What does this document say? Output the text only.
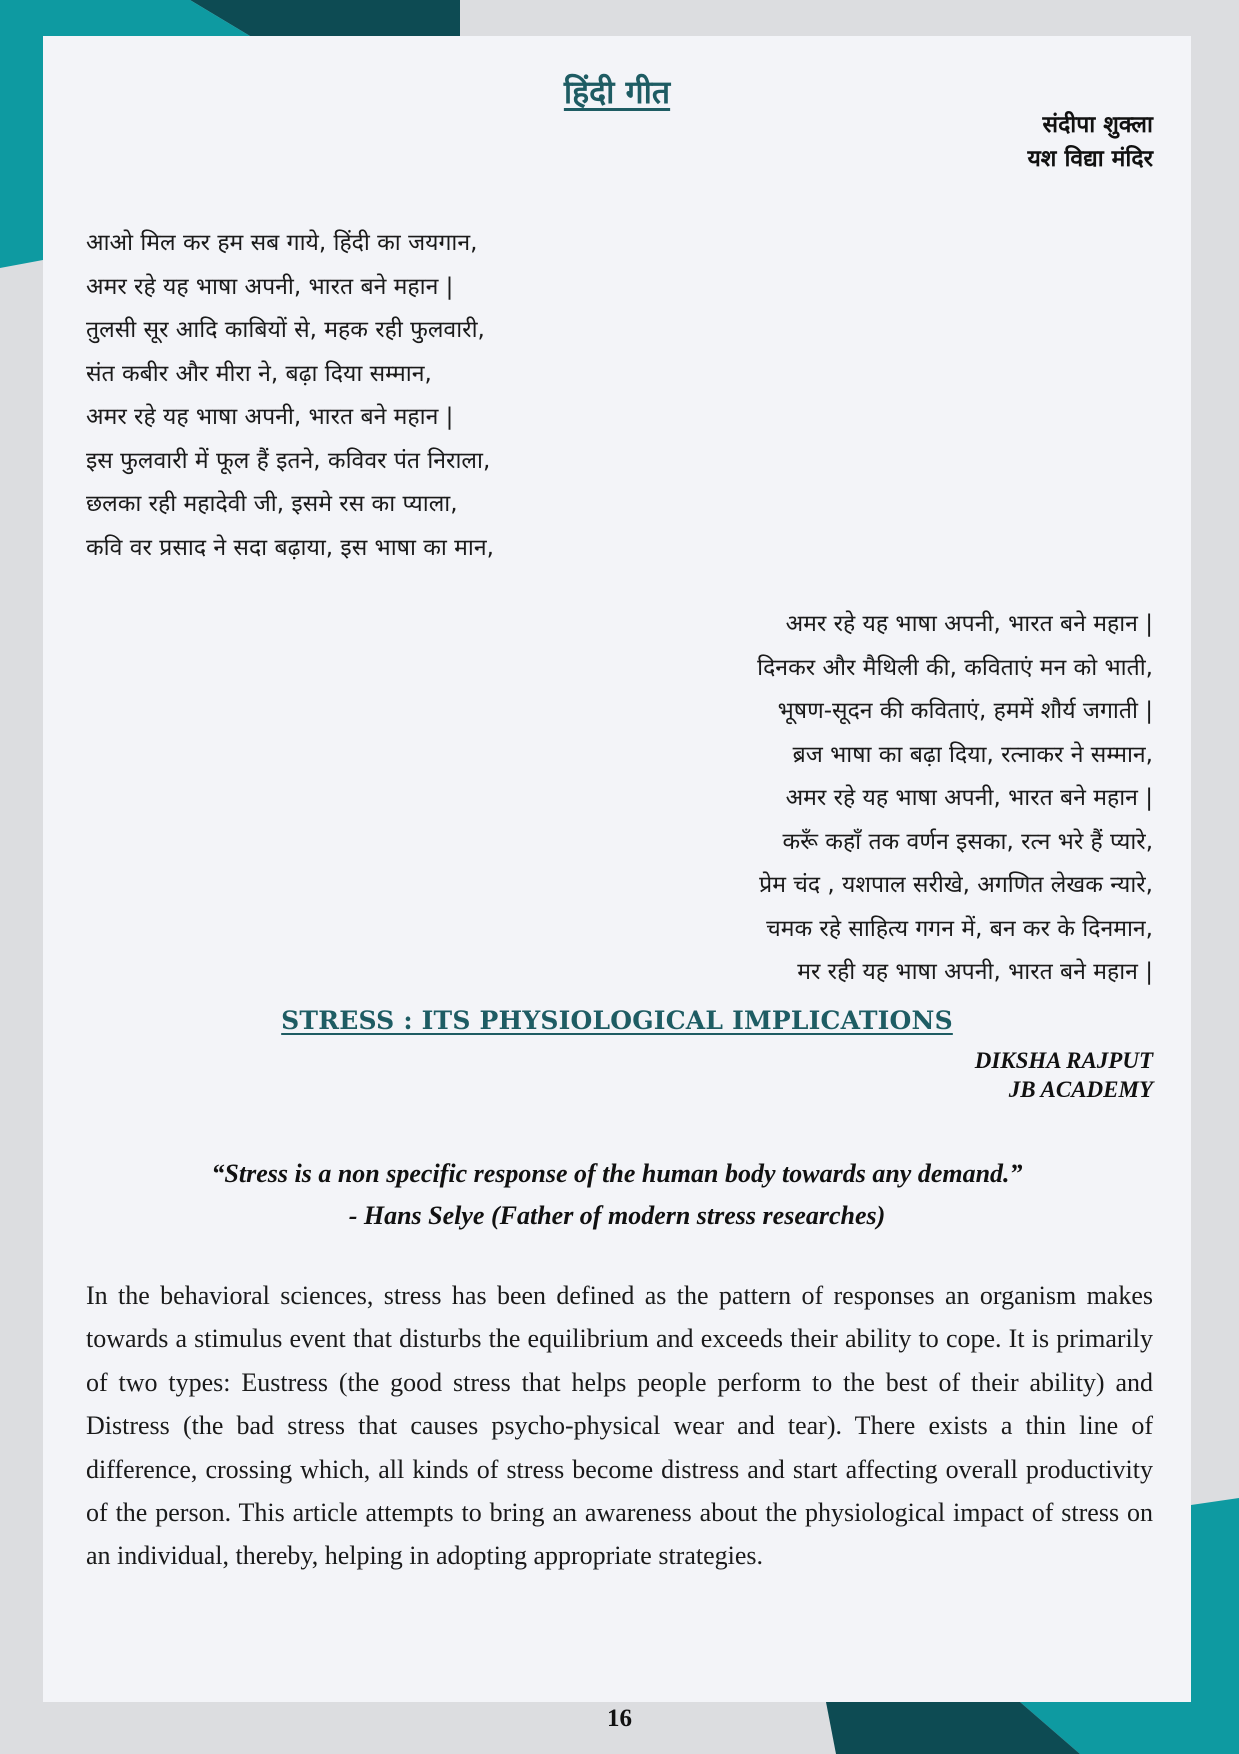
हिंदी गीत
संदीपा शुक्ला
यश विद्या मंदिर
आओ मिल कर हम सब गाये, हिंदी का जयगान,
अमर रहे यह भाषा अपनी, भारत बने महान |
तुलसी सूर आदि काबियों से, महक रही फुलवारी,
संत कबीर और मीरा ने, बढ़ा दिया सम्मान,
अमर रहे यह भाषा अपनी, भारत बने महान |
इस फुलवारी में फूल हैं इतने, कविवर पंत निराला,
छलका रही महादेवी जी, इसमे रस का प्याला,
कवि वर प्रसाद ने सदा बढ़ाया, इस भाषा का मान,
अमर रहे यह भाषा अपनी, भारत बने महान |
दिनकर और मैथिली की, कविताएं मन को भाती,
भूषण-सूदन की कविताएं, हममें शौर्य जगाती |
ब्रज भाषा का बढ़ा दिया, रत्नाकर ने सम्मान,
अमर रहे यह भाषा अपनी, भारत बने महान |
करूँ कहाँ तक वर्णन इसका, रत्न भरे हैं प्यारे,
प्रेम चंद , यशपाल सरीखे, अगणित लेखक न्यारे,
चमक रहे साहित्य गगन में, बन कर के दिनमान,
मर रही यह भाषा अपनी, भारत बने महान |
STRESS : ITS PHYSIOLOGICAL IMPLICATIONS
DIKSHA RAJPUT
JB ACADEMY
“Stress is a non specific response of the human body towards any demand.”
- Hans Selye (Father of modern stress researches)

In the behavioral sciences, stress has been defined as the pattern of responses an organism makes towards a stimulus event that disturbs the equilibrium and exceeds their ability to cope. It is primarily of two types: Eustress (the good stress that helps people perform to the best of their ability) and Distress (the bad stress that causes psycho-physical wear and tear). There exists a thin line of difference, crossing which, all kinds of stress become distress and start affecting overall productivity of the person. This article attempts to bring an awareness about the physiological impact of stress on an individual, thereby, helping in adopting appropriate strategies.

16
